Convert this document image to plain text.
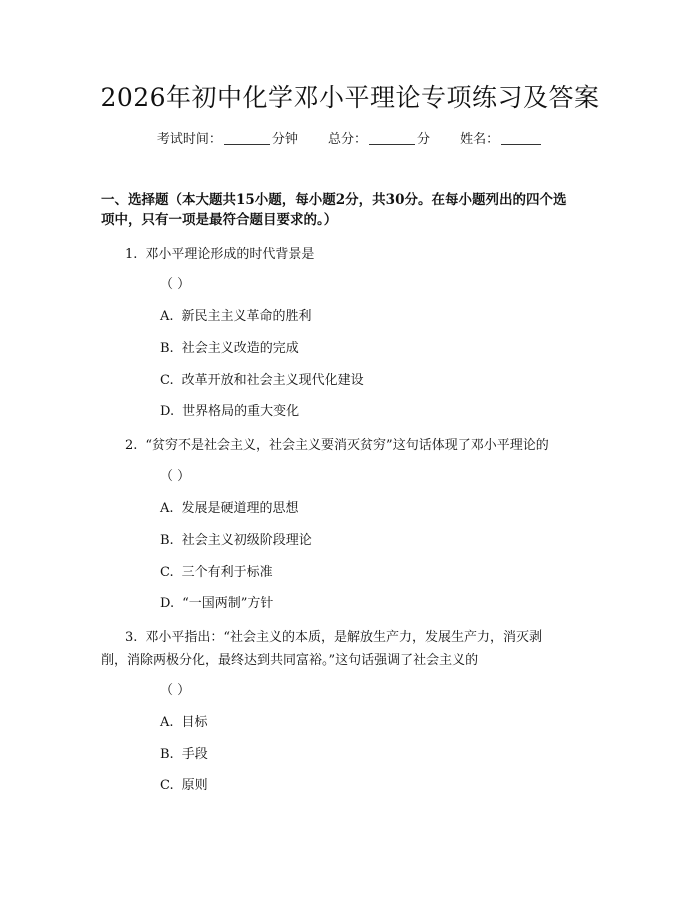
2026年初中化学邓小平理论专项练习及答案
考试时间：	分钟 总分：	分 姓名：
一、选择题（本大题共15小题，每小题2分，共30分。在每小题列出的四个选
项中，只有一项是最符合题目要求的。）
1. 邓小平理论形成的时代背景是
（ ）
A. 新民主主义革命的胜利
B. 社会主义改造的完成
C. 改革开放和社会主义现代化建设
D. 世界格局的重大变化
2. “贫穷不是社会主义，社会主义要消灭贫穷”这句话体现了邓小平理论的
（ ）
A. 发展是硬道理的思想
B. 社会主义初级阶段理论
C. 三个有利于标准
D. “一国两制”方针
3. 邓小平指出：“社会主义的本质，是解放生产力，发展生产力，消灭剥
削，消除两极分化，最终达到共同富裕。”这句话强调了社会主义的
（ ）
A. 目标
B. 手段
C. 原则
